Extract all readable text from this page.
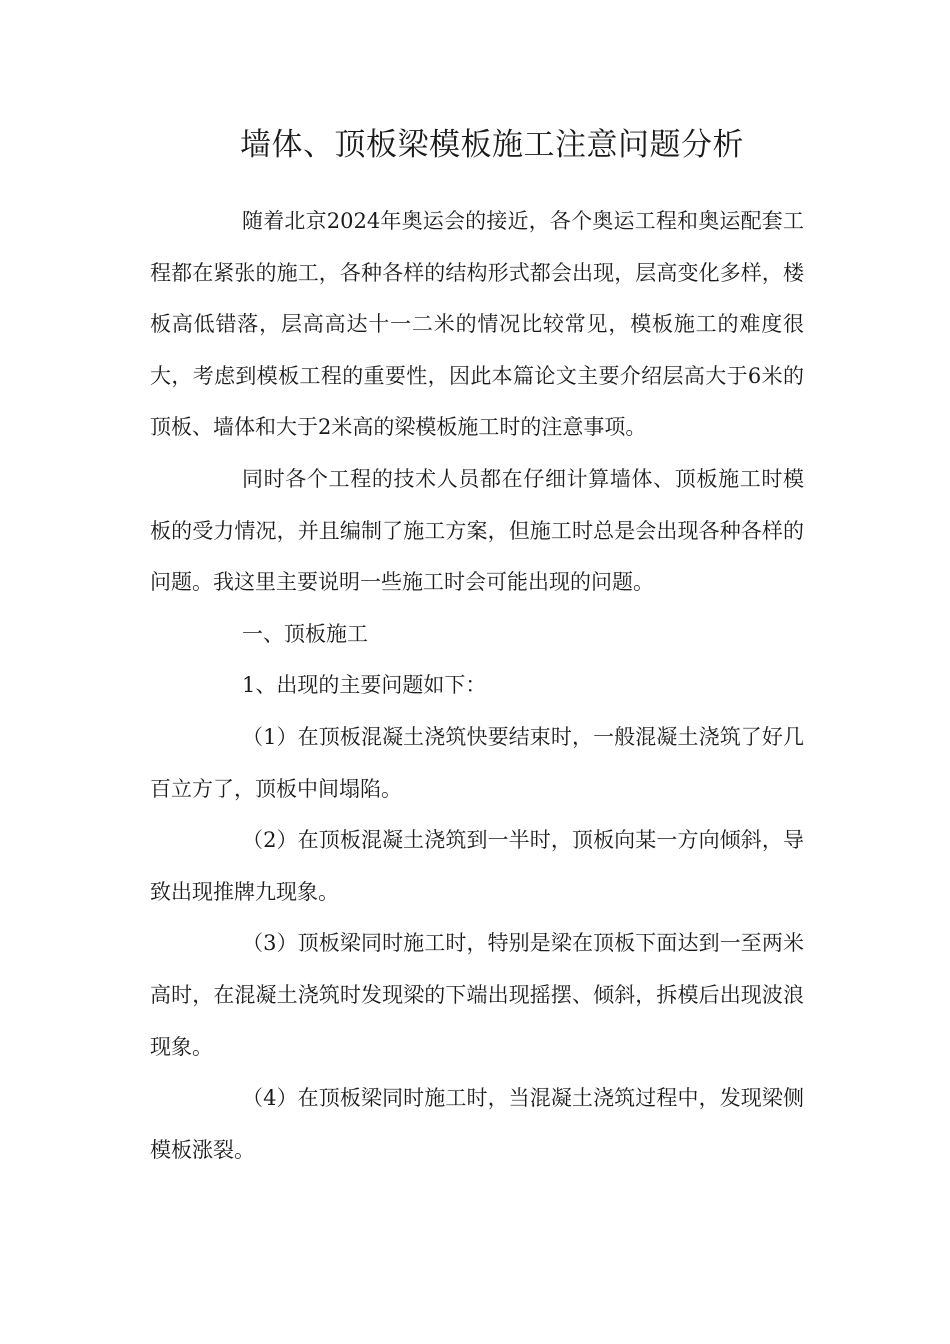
墙体、顶板梁模板施工注意问题分析

随着北京2024年奥运会的接近，各个奥运工程和奥运配套工程都在紧张的施工，各种各样的结构形式都会出现，层高变化多样，楼板高低错落，层高高达十一二米的情况比较常见，模板施工的难度很大，考虑到模板工程的重要性，因此本篇论文主要介绍层高大于6米的顶板、墙体和大于2米高的梁模板施工时的注意事项。

同时各个工程的技术人员都在仔细计算墙体、顶板施工时模板的受力情况，并且编制了施工方案，但施工时总是会出现各种各样的问题。我这里主要说明一些施工时会可能出现的问题。

一、顶板施工

1、出现的主要问题如下：

（1）在顶板混凝土浇筑快要结束时，一般混凝土浇筑了好几百立方了，顶板中间塌陷。

（2）在顶板混凝土浇筑到一半时，顶板向某一方向倾斜，导致出现推牌九现象。

（3）顶板梁同时施工时，特别是梁在顶板下面达到一至两米高时，在混凝土浇筑时发现梁的下端出现摇摆、倾斜，拆模后出现波浪现象。

（4）在顶板梁同时施工时，当混凝土浇筑过程中，发现梁侧模板涨裂。
